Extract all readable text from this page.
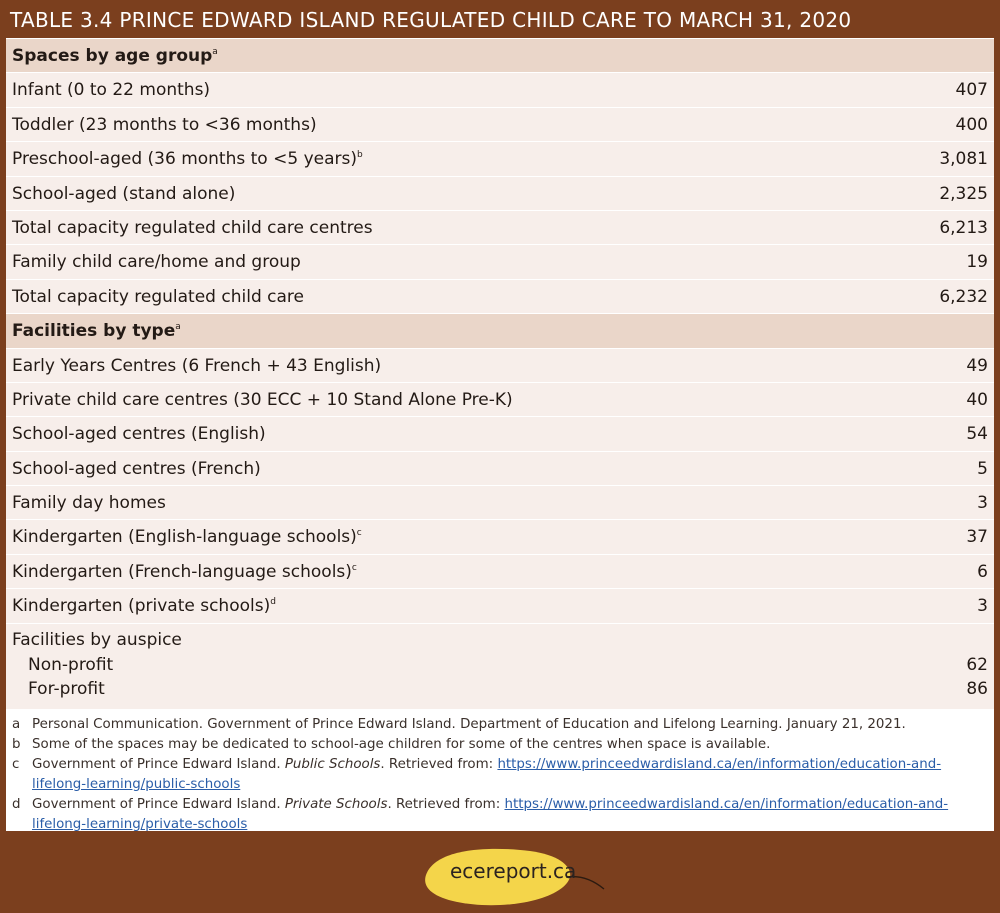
TABLE 3.4 PRINCE EDWARD ISLAND REGULATED CHILD CARE TO MARCH 31, 2020
Spaces by age group$^a$
Infant (0 to 22 months)	407
Toddler (23 months to <36 months)	400
Preschool-aged (36 months to <5 years)$^b$	3,081
School-aged (stand alone)	2,325
Total capacity regulated child care centres	6,213
Family child care/home and group	19
Total capacity regulated child care	6,232
Facilities by type$^a$
Early Years Centres (6 French + 43 English)	49
Private child care centres (30 ECC + 10 Stand Alone Pre-K)	40
School-aged centres (English)	54
School-aged centres (French)	5
Family day homes	3
Kindergarten (English-language schools)$^c$	37
Kindergarten (French-language schools)$^c$	6
Kindergarten (private schools)$^d$	3
Facilities by auspice
Non-profit	62
For-profit	86
a Personal Communication. Government of Prince Edward Island. Department of Education and Lifelong Learning. January 21, 2021.
b Some of the spaces may be dedicated to school-age children for some of the centres when space is available.
c Government of Prince Edward Island. Public Schools. Retrieved from: https://www.princeedwardisland.ca/en/information/education-and-lifelong-learning/public-schools
d Government of Prince Edward Island. Private Schools. Retrieved from: https://www.princeedwardisland.ca/en/information/education-and-lifelong-learning/private-schools
ecereport.ca
